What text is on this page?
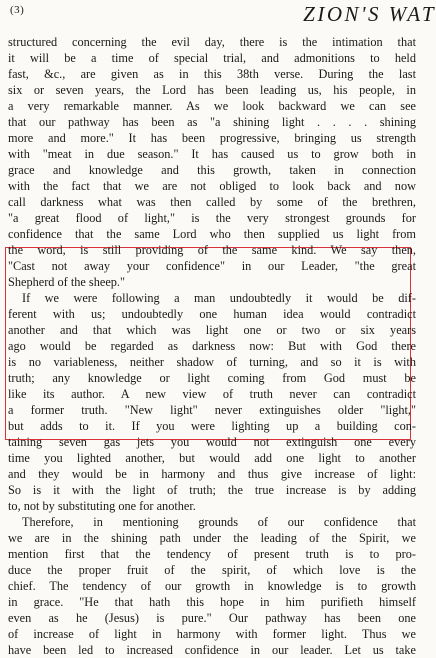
(3)	ZION'S WAT
structured concerning the evil day, there is the intimation that
it will be a time of special trial, and admonitions to held
fast, &c., are given as in this 38th verse. During the last
six or seven years, the Lord has been leading us, his people, in
a very remarkable manner. As we look backward we can see
that our pathway has been as "a shining light . . . . shining
more and more." It has been progressive, bringing us strength
with "meat in due season." It has caused us to grow both in
grace and knowledge and this growth, taken in connection
with the fact that we are not obliged to look back and now
call darkness what was then called by some of the brethren,
"a great flood of light," is the very strongest grounds for
confidence that the same Lord who then supplied us light from
the word, is still providing of the same kind. We say then,
"Cast not away your confidence" in our Leader, "the great
Shepherd of the sheep."
If we were following a man undoubtedly it would be dif-
ferent with us; undoubtedly one human idea would contradict
another and that which was light one or two or six years
ago would be regarded as darkness now: But with God there
is no variableness, neither shadow of turning, and so it is with
truth; any knowledge or light coming from God must be
like its author. A new view of truth never can contradict
a former truth. "New light" never extinguishes older "light,"
but adds to it. If you were lighting up a building con-
taining seven gas jets you would not extinguish one every
time you lighted another, but would add one light to another
and they would be in harmony and thus give increase of light:
So is it with the light of truth; the true increase is by adding
to, not by substituting one for another.
Therefore, in mentioning grounds of our confidence that
we are in the shining path under the leading of the Spirit, we
mention first that the tendency of present truth is to pro-
duce the proper fruit of the spirit, of which love is the
chief. The tendency of our growth in knowledge is to growth
in grace. "He that hath this hope in him purifieth himself
even as he (Jesus) is pure." Our pathway has been one
of increase of light in harmony with former light. Thus we
have been led to increased confidence in our leader. Let us take
